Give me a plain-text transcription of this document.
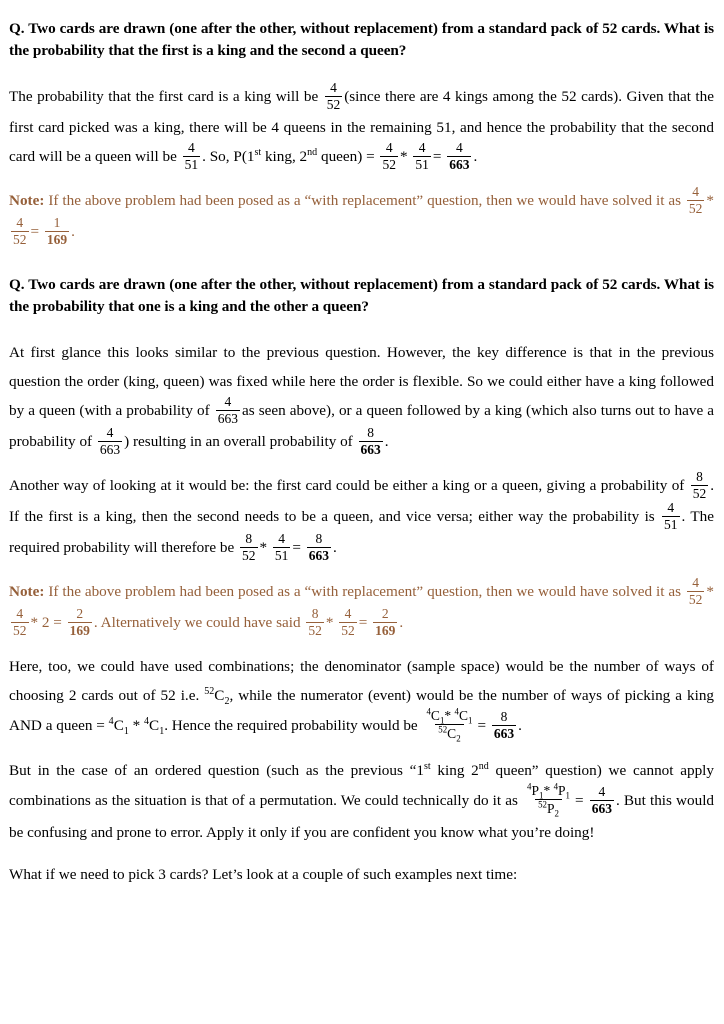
Q. Two cards are drawn (one after the other, without replacement) from a standard pack of 52 cards. What is the probability that the first is a king and the second a queen?

The probability that the first card is a king will be $\frac{4}{52}$ (since there are 4 kings among the 52 cards). Given that the first card picked was a king, there will be 4 queens in the remaining 51, and hence the probability that the second card will be a queen will be $\frac{4}{51}$ . So, P(1st king, 2nd queen) = $\frac{4}{52} * \frac{4}{51} = \frac{4}{663}$ .

Note: If the above problem had been posed as a “with replacement” question, then we would have solved it as $\frac{4}{52}$ *
$\frac{4}{52} = \frac{1}{169}$ .

Q. Two cards are drawn (one after the other, without replacement) from a standard pack of 52 cards. What is the probability that one is a king and the other a queen?

At first glance this looks similar to the previous question. However, the key difference is that in the previous question the order (king, queen) was fixed while here the order is flexible. So we could either have a king followed by a queen (with a probability of $\frac{4}{663}$ as seen above), or a queen followed by a king (which also turns out to have a probability of $\frac{4}{663}$ ) resulting in an overall probability of $\frac{8}{663}$ .

Another way of looking at it would be: the first card could be either a king or a queen, giving a probability of $\frac{8}{52}$ . If the first is a king, then the second needs to be a queen, and vice versa; either way the probability is $\frac{4}{51}$ . The required probability will therefore be $\frac{8}{52} * \frac{4}{51} = \frac{8}{663}$ .

Note: If the above problem had been posed as a “with replacement” question, then we would have solved it as $\frac{4}{52}$ *
$\frac{4}{52} * 2 = \frac{2}{169}$ . Alternatively we could have said $\frac{8}{52} * \frac{4}{52} = \frac{2}{169}$ .

Here, too, we could have used combinations; the denominator (sample space) would be the number of ways of choosing 2 cards out of 52 i.e. $^{52}C_2$, while the numerator (event) would be the number of ways of picking a king AND a queen = $^4C_1 * ^4C_1$. Hence the required probability would be $\frac{^4C_1* ^4C_1}{^{52}C_2} = \frac{8}{663}$ .

But in the case of an ordered question (such as the previous “1st king 2nd queen” question) we cannot apply combinations as the situation is that of a permutation. We could technically do it as $\frac{^4P_1* ^4P_1}{^{52}P_2} = \frac{4}{663}$ . But this would be confusing and prone to error. Apply it only if you are confident you know what you’re doing!

What if we need to pick 3 cards? Let’s look at a couple of such examples next time:
